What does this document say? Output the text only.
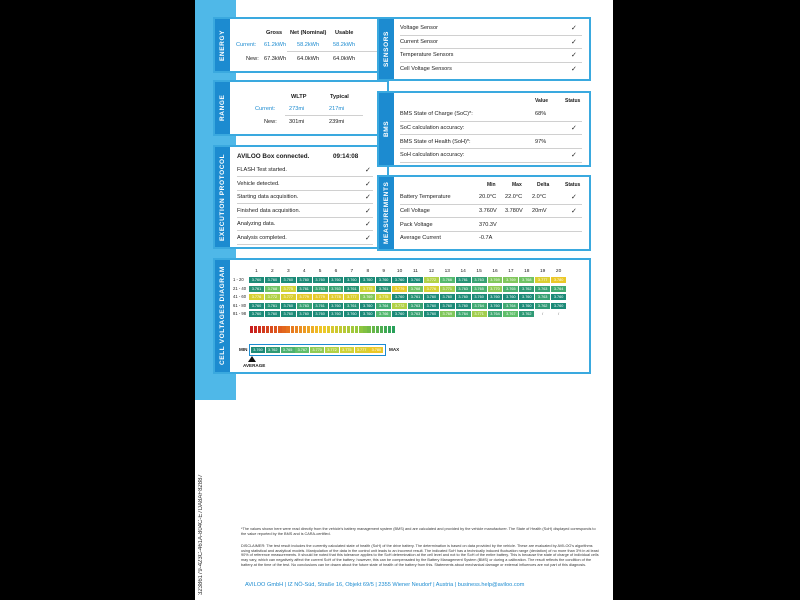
32386179-423C-461A-804C-E7DA8AF82887
ENERGY	Gross Net (Nominal) Usable
Current: 61.2kWh 58.2kWh 58.2kWh
New: 67.3kWh 64.0kWh 64.0kWh
RANGE	WLTP	Typical
Current: 273mi	217mi
New: 301mi	239mi
EXECUTION PROTOCOL	AVILOO Box connected.	09:14:08
FLASH Test started.	✓
Vehicle detected.	✓
Starting data acquisition.	✓
Finished data acquisition.	✓
Analyzing data.	✓
Analysis completed.	✓
SENSORS
Voltage Sensor	✓
Current Sensor	✓
Temperature Sensors	✓
Cell Voltage Sensors	✓
BMS
Value	Status
BMS State of Charge (SoC)*:	68%
SoC calculation accuracy:	✓
BMS State of Health (SoH)*:	97%
SoH calculation accuracy:	✓
MEASUREMENTS	Min	Max	Delta	Status
Battery Temperature	20.0°C 22.0°C 2.0°C	✓
Cell Voltage	3.760V 3.780V 20mV	✓
Pack Voltage	370.3V
Average Current	-0.7A
CELL VOLTAGES DIAGRAM	1	2	3	4	5	6	7	8	9	10	11	12	13	14	15	16	17	18	19	20
1 - 20	3.760	3.760	3.760	3.760	3.760	3.760	3.760	3.760	3.760	3.760	3.760	3.772	3.766	3.761	3.763	3.769	3.769	3.768	3.777	3.780
21 - 40	3.761	3.768	3.775	3.761	3.763	3.763	3.761	3.775	3.761	3.779	3.768	3.776	3.771	3.763	3.765	3.770	3.765	3.762	3.763	3.764
41 - 60	3.776	3.772	3.777	3.779	3.779	3.778	3.777	3.769	3.775	3.760	3.761	3.760	3.760	3.760	3.760	3.760	3.760	3.760	3.763	3.760
61 - 80	3.760	3.761	3.760	3.763	3.761	3.760	3.761	3.760	3.764	3.772	3.763	3.760	3.760	3.760	3.764	3.760	3.764	3.760	3.762	3.760
81 - 98	3.760	3.760	3.760	3.760	3.760	3.760	3.760	3.760	3.766	3.760	3.763	3.760	3.769	3.764	3.771	3.764	3.767	3.762	/	/
MIN	3.760	3.762	3.765	3.767	3.770	3.772	3.775	3.777	3.780	MAX
AVERAGE
*The values shown here were read directly from the vehicle's battery management system (BMS) and are calculated and provided by the vehicle manufacturer. The State of Health (SoH) displayed corresponds to the value reported by the BMS and is CARA-certified.
DISCLAIMER: The test result includes the currently calculated state of health (SoH) of the drive battery. The determination is based on data provided by the vehicle. These are evaluated by AVILOO's algorithms using statistical and analytical models. Manipulation of the data in the control unit leads to an incorrect result. The indicated SoH has a technically induced fluctuation range (deviation) of no more than 3% in at least 90% of reference measurements. It should be noted that this tolerance applies to the SoH determination at the cell level and not to the SoH of the entire battery. This is because the state of charge of individual cells may vary, which can negatively affect the current SoH of the battery; however, this can be compensated by the Battery Management System (BMS) or during a calibration. The result reflects the condition of the battery at the time of the test. No conclusions can be drawn about the future state of health of the battery from this. Statements about mechanical damage or external influences are not part of this diagnosis.
AVILOO GmbH | IZ NÖ-Süd, Straße 16, Objekt 69/5 | 2355 Wiener Neudorf | Austria | business.help@aviloo.com
